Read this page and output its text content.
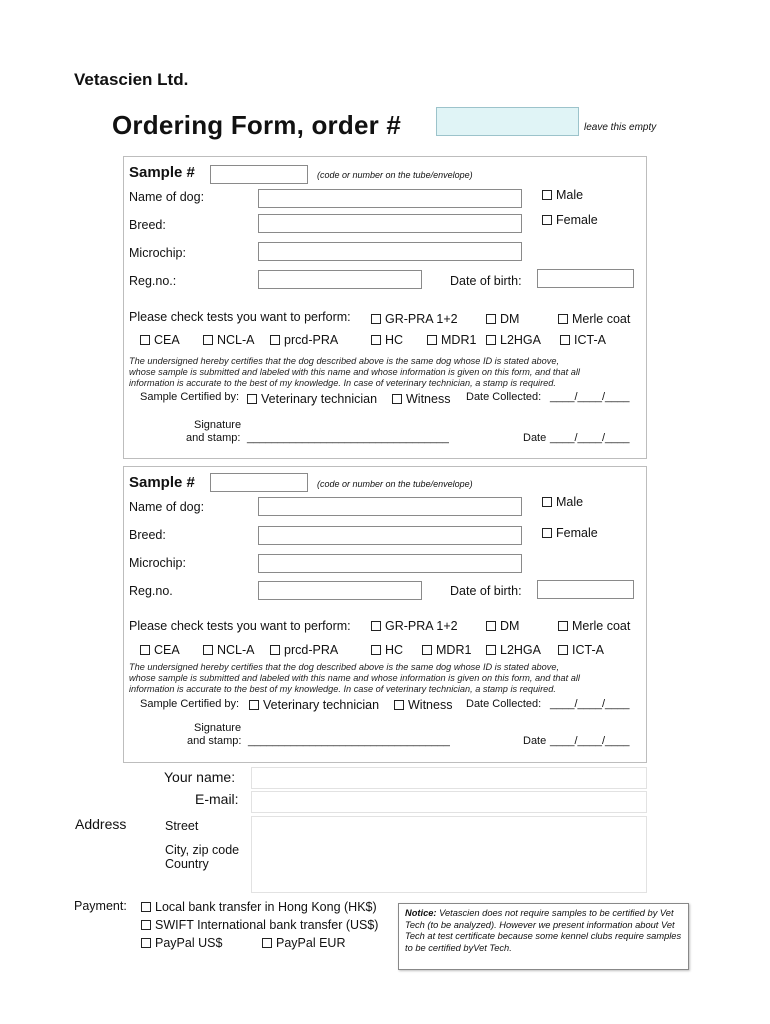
Vetascien Ltd.
Ordering Form, order #	leave this empty
Sample #	(code or number on the tube/envelope)
Name of dog:	Male
Breed:	Female
Microchip:
Reg.no.:	Date of birth:
Please check tests you want to perform:	GR-PRA 1+2	DM	Merle coat
CEA	NCL-A	prcd-PRA	HC	MDR1	L2HGA	ICT-A
The undersigned hereby certifies that the dog described above is the same dog whose ID is stated above,
whose sample is submitted and labeled with this name and whose information is given on this form, and that all
information is accurate to the best of my knowledge. In case of veterinary technician, a stamp is required.
Sample Certified by:	Veterinary technician	Witness Date Collected: ____/____/____
Signature
and stamp: _________________________________	Date ____/____/____
Sample #	(code or number on the tube/envelope)
Name of dog:	Male
Breed:	Female
Microchip:
Reg.no.	Date of birth:
Please check tests you want to perform:	GR-PRA 1+2	DM	Merle coat
CEA	NCL-A	prcd-PRA	HC	MDR1	L2HGA	ICT-A
The undersigned hereby certifies that the dog described above is the same dog whose ID is stated above,
whose sample is submitted and labeled with this name and whose information is given on this form, and that all
information is accurate to the best of my knowledge. In case of veterinary technician, a stamp is required.
Sample Certified by:	Veterinary technician	Witness Date Collected: ____/____/____
Signature
and stamp: _________________________________	Date ____/____/____
Your name:
E-mail:
Address	Street
City, zip code
Country
Payment:	Local bank transfer in Hong Kong (HK$)
SWIFT International bank transfer (US$)
PayPal US$	PayPal EUR
Notice: Vetascien does not require samples to be certified by Vet Tech (to be analyzed). However we present information about Vet Tech at test certificate because some kennel clubs require samples to be certified byVet Tech.
